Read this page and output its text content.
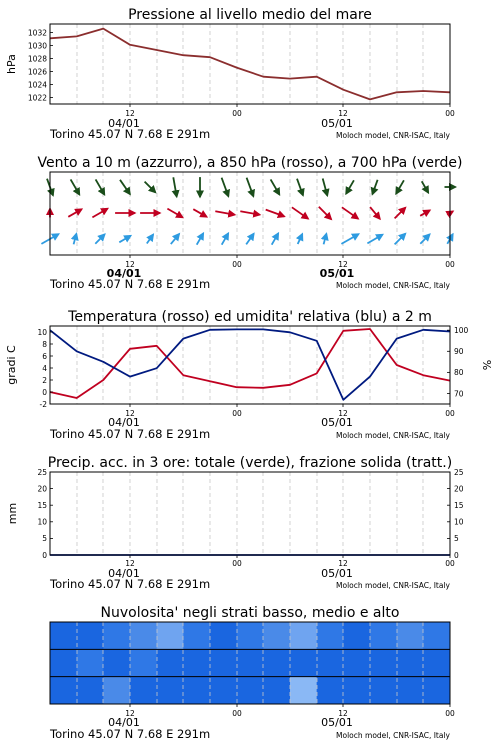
Pressione al livello medio del mare
12	00	12	00
04/01	05/01
Torino 45.07 N 7.68 E 291m	Moloch model, CNR-ISAC, Italy
1022
1024
1026
1028
1030
1032
hPa
Vento a 10 m (azzurro), a 850 hPa (rosso), a 700 hPa (verde)
12	00	12	00
04/01	05/01
Torino 45.07 N 7.68 E 291m	Moloch model, CNR-ISAC, Italy
Temperatura (rosso) ed umidita' relativa (blu) a 2 m
12	00	12	00
04/01	05/01
Torino 45.07 N 7.68 E 291m	Moloch model, CNR-ISAC, Italy
-2
0
2
4
6
8
10
gradi C
70
80
90
100
%
Precip. acc. in 3 ore: totale (verde), frazione solida (tratt.)
12	00	12	00
04/01	05/01
Torino 45.07 N 7.68 E 291m	Moloch model, CNR-ISAC, Italy
0
5
10
15
20
25
mm
0
5
10
15
20
25
Nuvolosita' negli strati basso, medio e alto
12	00	12	00
04/01	05/01
Torino 45.07 N 7.68 E 291m	Moloch model, CNR-ISAC, Italy
